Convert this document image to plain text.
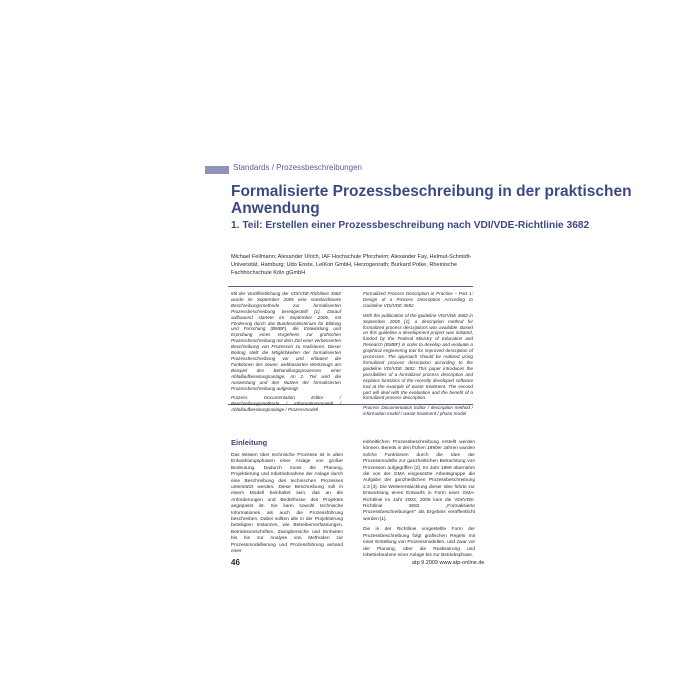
Standards / Prozessbeschreibungen
Formalisierte Prozessbeschreibung in der praktischen Anwendung
1. Teil: Erstellen einer Prozessbeschreibung nach VDI/VDE-Richtlinie 3682

Michael Fellmann; Alexander Ulrich, IAF Hochschule Pforzheim; Alexander Fay, Helmut-Schmidt-Universität, Hamburg; Udo Enste, LeiKon GmbH, Herzogenrath; Burkard Polke, Rheinische Fachhochschule Köln gGmbH

Mit der Veröffentlichung der VDI/VDE-Richtlinie 3682 wurde im September 2005 eine standardisierte Beschreibungsmethode zur formalisierten Prozessbeschreibung bereitgestellt [1]. Darauf aufbauend startete im September 2006, mit Förderung durch das Bundesministerium für Bildung und Forschung (BMBF), die Entwicklung und Erprobung eines Vorgehens zur grafischen Prozessbeschreibung mit dem Ziel einer verbesserten Beschreibung von Prozessen zu realisieren. Dieser Beitrag stellt die Möglichkeiten der formalisierten Prozessbeschreibung vor und erläutert die Funktionen des neuen, webbasierten Werkzeugs am Beispiel des Behandlungsprozesses einer Abfallaufbereitungsanlage. Im 2. Teil wird die Auswertung und den Nutzen der formalisierten Prozessbeschreibung aufgezeigt.

Prozess Documentation Editor / Beschreibungsmethode / Informationsmodell / Abfallaufbereitungsanlage / Prozessmodell

Formalized Process Description in Practice – Part 1: Design of a Process Description According to Guideline VDI/VDE 3682

With the publication of the guideline VDI/VDE 3682 in September 2005 [1], a description method for formalized process descriptions was available. Based on this guideline a development project was initiated, funded by the Federal Ministry of Education and Research (BMBF) in order to develop and evaluate a graphical engineering tool for improved description of processes. The approach should be realized using formalized process description according to the guideline VDI/VDE 3682. This paper introduces the possibilities of a formalized process description and explains functions of the recently developed software tool at the example of waste treatment. The second part will deal with the evaluation and the benefit of a formalized process description.

Process Documentation Editor / description method / information model / waste treatment / phase model

Einleitung

Das Wissen über technische Prozesse ist in allen Entwicklungsphasen einer Anlage von großer Bedeutung. Dadurch muss die Planung, Projektierung und Inbetriebnahme der Anlage durch eine Beschreibung des technischen Prozesses unterstützt werden. Diese Beschreibung soll in einem Modell beinhaltet sein, das an die Anforderungen und Bedürfnisse des Projektes angepasst ist. Sie kann sowohl technische Informationen als auch die Prozessführung beschreiben. Dabei sollten alle in der Projektierung beteiligten Instanzen, wie Betreiberverfassungen, Betriebsvorschriften, Zweigbereiche und Einheiten bis hin zur Analyse von Methoden zur Prozessmodellierung und Prozessführung anhand einer

einheitlichen Prozessbeschreibung erstellt werden können. Bereits in den frühen 1990er Jahren wurden solche Funktionen durch die Idee der Prozessmodelle zur ganzheitlichen Betrachtung von Prozessen aufgegriffen [2]. Im Jahr 1999 übernahm die von der GMA eingesetzte Arbeitsgruppe die Aufgabe der ganzheitlichen Prozessbeschreibung 2.3 [3]. Die Weiterentwicklung dieser Idee führte zur Entwicklung eines Entwurfs in Form einer GMA-Richtlinie im Jahr 2003, 2005 kam die VDI/VDE-Richtlinie 3682 „Formalisierte Prozessbeschreibungen" als Ergebnis veröffentlicht worden [1].

Die in der Richtlinie vorgestellte Form der Prozessbeschreibung folgt grafischen Regeln mit einer Erstellung von Prozessmodellen, und zwar vor der Planung, über die Realisierung und Inbetriebnahme einer Anlage bis zur Betriebsphase.

46	atp 9.2009 www.atp-online.de
